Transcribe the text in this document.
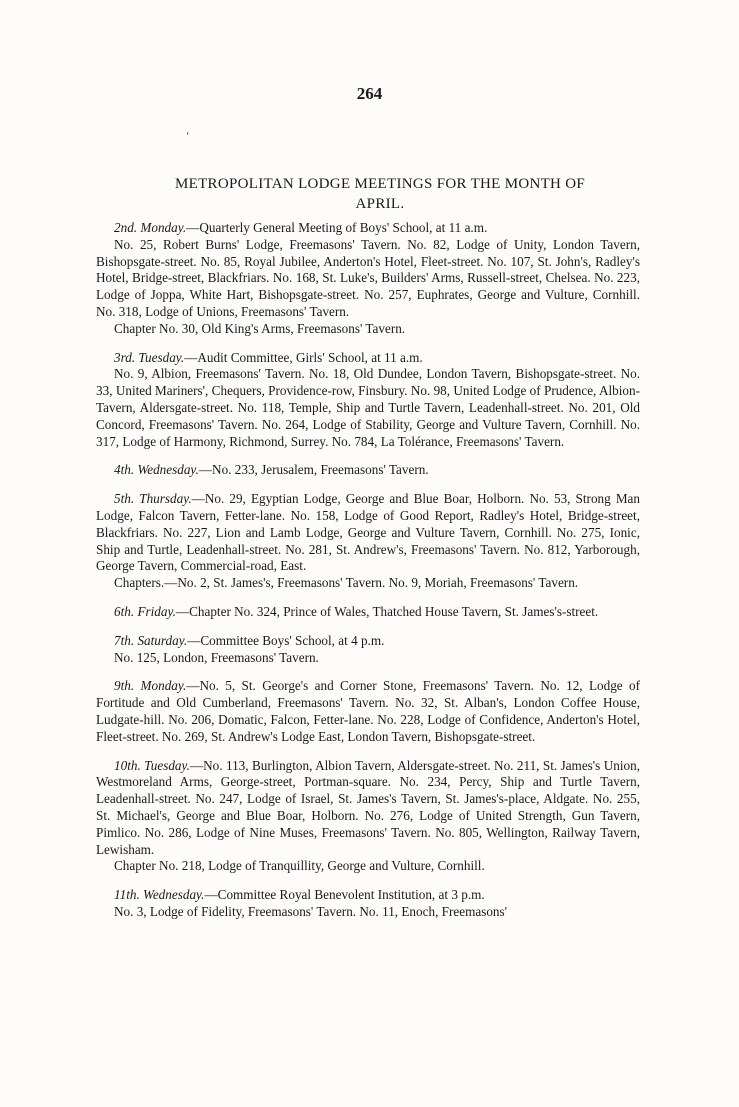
264
ʻ
METROPOLITAN LODGE MEETINGS FOR THE MONTH OF
APRIL.

2nd. Monday.—Quarterly General Meeting of Boys' School, at 11 a.m.

No. 25, Robert Burns' Lodge, Freemasons' Tavern. No. 82, Lodge of Unity, London Tavern, Bishopsgate-street. No. 85, Royal Jubilee, Anderton's Hotel, Fleet-street. No. 107, St. John's, Radley's Hotel, Bridge-street, Blackfriars. No. 168, St. Luke's, Builders' Arms, Russell-street, Chelsea. No. 223, Lodge of Joppa, White Hart, Bishopsgate-street. No. 257, Euphrates, George and Vulture, Cornhill. No. 318, Lodge of Unions, Freemasons' Tavern.

Chapter No. 30, Old King's Arms, Freemasons' Tavern.

3rd. Tuesday.—Audit Committee, Girls' School, at 11 a.m.

No. 9, Albion, Freemasons' Tavern. No. 18, Old Dundee, London Tavern, Bishopsgate-street. No. 33, United Mariners', Chequers, Providence-row, Finsbury. No. 98, United Lodge of Prudence, Albion-Tavern, Aldersgate-street. No. 118, Temple, Ship and Turtle Tavern, Leadenhall-street. No. 201, Old Concord, Freemasons' Tavern. No. 264, Lodge of Stability, George and Vulture Tavern, Cornhill. No. 317, Lodge of Harmony, Richmond, Surrey. No. 784, La Tolérance, Freemasons' Tavern.

4th. Wednesday.—No. 233, Jerusalem, Freemasons' Tavern.

5th. Thursday.—No. 29, Egyptian Lodge, George and Blue Boar, Holborn. No. 53, Strong Man Lodge, Falcon Tavern, Fetter-lane. No. 158, Lodge of Good Report, Radley's Hotel, Bridge-street, Blackfriars. No. 227, Lion and Lamb Lodge, George and Vulture Tavern, Cornhill. No. 275, Ionic, Ship and Turtle, Leadenhall-street. No. 281, St. Andrew's, Freemasons' Tavern. No. 812, Yarborough, George Tavern, Commercial-road, East.

Chapters.—No. 2, St. James's, Freemasons' Tavern. No. 9, Moriah, Freemasons' Tavern.

6th. Friday.—Chapter No. 324, Prince of Wales, Thatched House Tavern, St. James's-street.

7th. Saturday.—Committee Boys' School, at 4 p.m.

No. 125, London, Freemasons' Tavern.

9th. Monday.—No. 5, St. George's and Corner Stone, Freemasons' Tavern. No. 12, Lodge of Fortitude and Old Cumberland, Freemasons' Tavern. No. 32, St. Alban's, London Coffee House, Ludgate-hill. No. 206, Domatic, Falcon, Fetter-lane. No. 228, Lodge of Confidence, Anderton's Hotel, Fleet-street. No. 269, St. Andrew's Lodge East, London Tavern, Bishopsgate-street.

10th. Tuesday.—No. 113, Burlington, Albion Tavern, Aldersgate-street. No. 211, St. James's Union, Westmoreland Arms, George-street, Portman-square. No. 234, Percy, Ship and Turtle Tavern, Leadenhall-street. No. 247, Lodge of Israel, St. James's Tavern, St. James's-place, Aldgate. No. 255, St. Michael's, George and Blue Boar, Holborn. No. 276, Lodge of United Strength, Gun Tavern, Pimlico. No. 286, Lodge of Nine Muses, Freemasons' Tavern. No. 805, Wellington, Railway Tavern, Lewisham.

Chapter No. 218, Lodge of Tranquillity, George and Vulture, Cornhill.

11th. Wednesday.—Committee Royal Benevolent Institution, at 3 p.m.

No. 3, Lodge of Fidelity, Freemasons' Tavern. No. 11, Enoch, Freemasons'
